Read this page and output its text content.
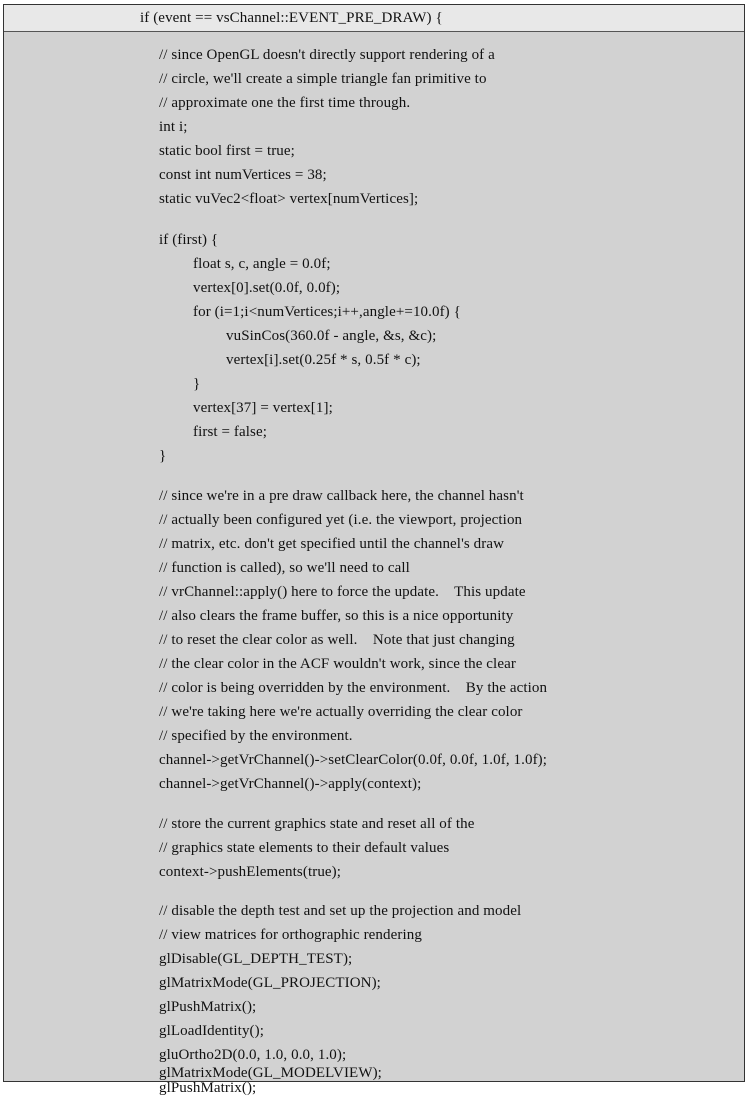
if (event == vsChannel::EVENT_PRE_DRAW) {
// since OpenGL doesn't directly support rendering of a
// circle, we'll create a simple triangle fan primitive to
// approximate one the first time through.
int i;
static bool first = true;
const int numVertices = 38;
static vuVec2<float> vertex[numVertices];
if (first) {
float s, c, angle = 0.0f;
vertex[0].set(0.0f, 0.0f);
for (i=1;i<numVertices;i++,angle+=10.0f) {
vuSinCos(360.0f - angle, &s, &c);
vertex[i].set(0.25f * s, 0.5f * c);
}
vertex[37] = vertex[1];
first = false;
}
// since we're in a pre draw callback here, the channel hasn't
// actually been configured yet (i.e. the viewport, projection
// matrix, etc. don't get specified until the channel's draw
// function is called), so we'll need to call
// vrChannel::apply() here to force the update.    This update
// also clears the frame buffer, so this is a nice opportunity
// to reset the clear color as well.    Note that just changing
// the clear color in the ACF wouldn't work, since the clear
// color is being overridden by the environment.    By the action
// we're taking here we're actually overriding the clear color
// specified by the environment.
channel->getVrChannel()->setClearColor(0.0f, 0.0f, 1.0f, 1.0f);
channel->getVrChannel()->apply(context);
// store the current graphics state and reset all of the
// graphics state elements to their default values
context->pushElements(true);
// disable the depth test and set up the projection and model
// view matrices for orthographic rendering
glDisable(GL_DEPTH_TEST);
glMatrixMode(GL_PROJECTION);
glPushMatrix();
glLoadIdentity();
gluOrtho2D(0.0, 1.0, 0.0, 1.0);
glMatrixMode(GL_MODELVIEW);
glPushMatrix();
